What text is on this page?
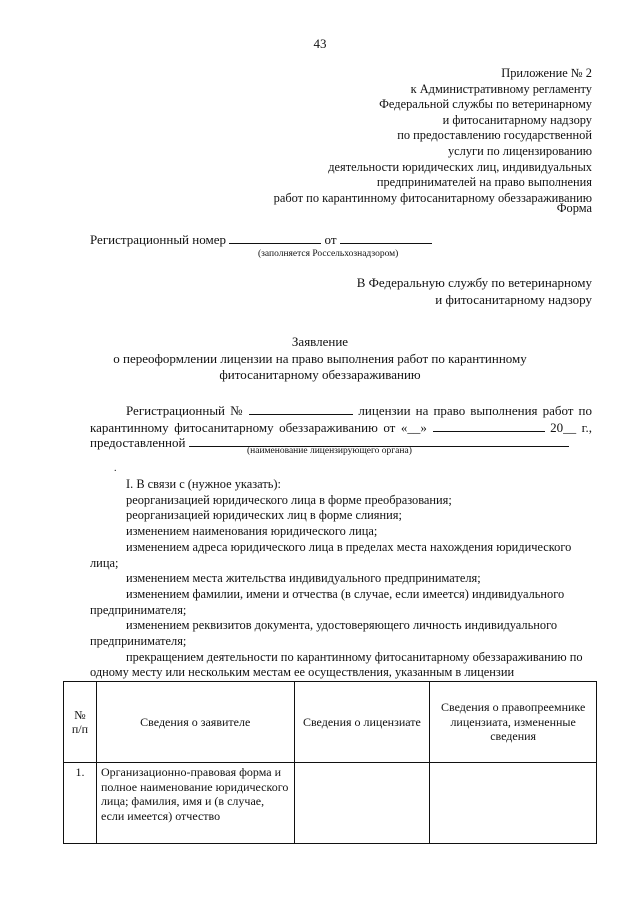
43
Приложение № 2
к Административному регламенту
Федеральной службы по ветеринарному
и фитосанитарному надзору
по предоставлению государственной
услуги по лицензированию
деятельности юридических лиц, индивидуальных
предпринимателей на право выполнения
работ по карантинному фитосанитарному обеззараживанию
Форма
Регистрационный номер	от
(заполняется Россельхознадзором)
В Федеральную службу по ветеринарному
и фитосанитарному надзору
Заявление
о переоформлении лицензии на право выполнения работ по карантинному
фитосанитарному обеззараживанию
Регистрационный №	лицензии на право выполнения работ по
карантинному фитосанитарному обеззараживанию от «__»	20__ г.,
предоставленной
(наименование лицензирующего органа)
.
I. В связи с (нужное указать):
реорганизацией юридического лица в форме преобразования;
реорганизацией юридических лиц в форме слияния;
изменением наименования юридического лица;
изменением адреса юридического лица в пределах места нахождения юридического лица;
изменением места жительства индивидуального предпринимателя;
изменением фамилии, имени и отчества (в случае, если имеется) индивидуального предпринимателя;
изменением реквизитов документа, удостоверяющего личность индивидуального предпринимателя;
прекращением деятельности по карантинному фитосанитарному обеззараживанию по одному месту или нескольким местам ее осуществления, указанным в лицензии
№ п/п	Сведения о заявителе	Сведения о лицензиате	Сведения о правопреемнике лицензиата, измененные сведения
1.	Организационно-правовая форма и полное наименование юридического лица; фамилия, имя и (в случае, если имеется) отчество		
